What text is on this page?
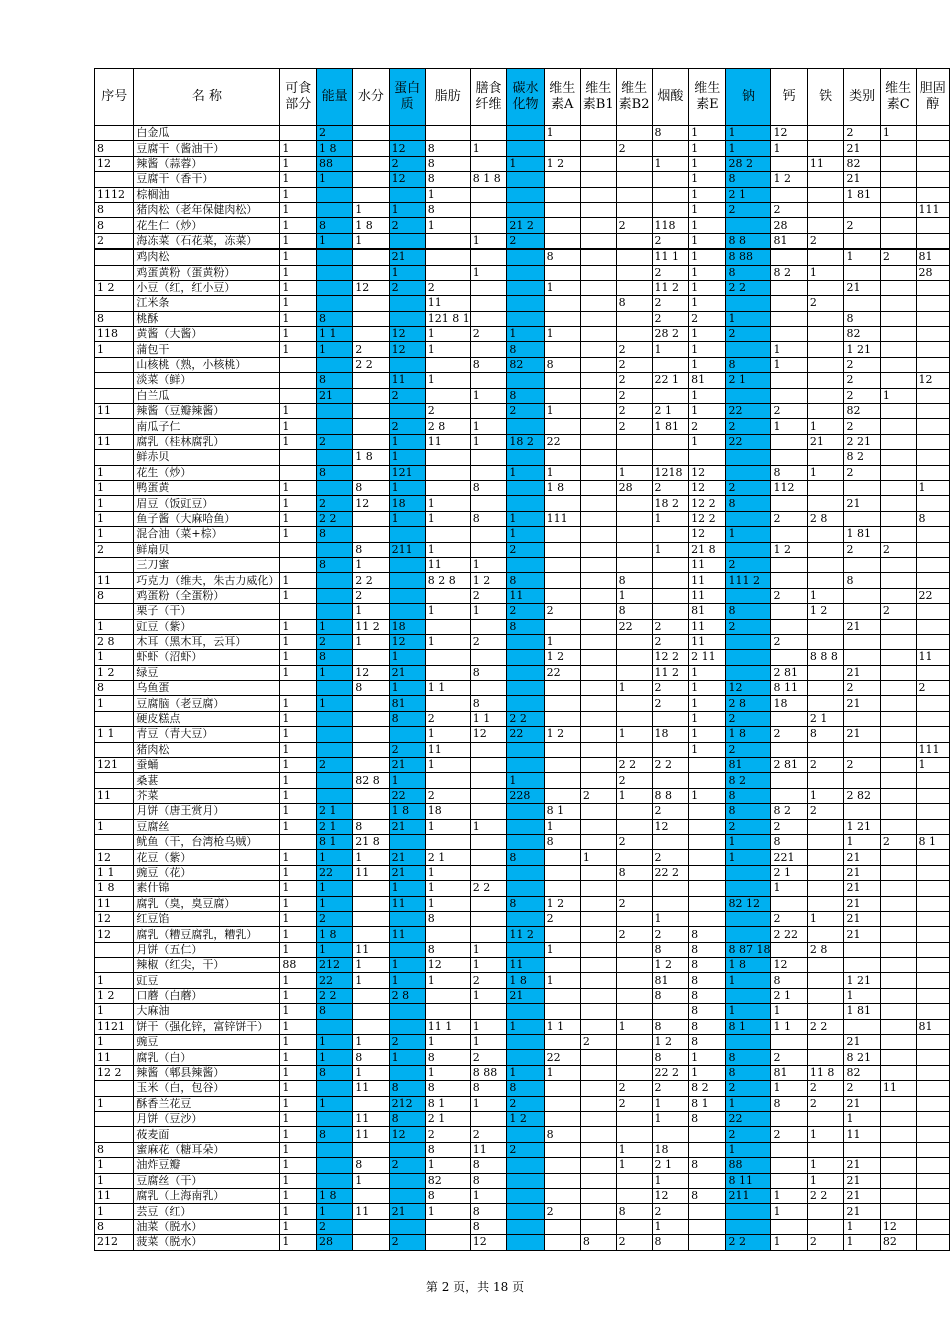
序号	名 称	可食部分	能量	水分	蛋白质	脂肪	膳食纤维	碳水化物	维生素A	维生素B1	维生素B2	烟酸	维生素E	钠	钙	铁	类别	维生素C	胆固醇
	白金瓜		2						1			8	1	1	12		2	1	
8	豆腐干（酱油干）	1	1 8		12	8	1				2		1	1	1		21		
12	辣酱（蒜蓉）	1	88		2	8		1	1 2			1	1	28 2		11	82		
	豆腐干（香干）	1	1		12	8	8 1 8						1	8	1 2		21		
1112	棕榈油	1				1							1	2 1			1 81		
8	猪肉松（老年保健肉松）	1		1	1	8							1	2	2				111
8	花生仁（炒）	1	8	1 8	2	1		21 2			2	118	1		28		2		
2	海冻菜（石花菜，冻菜）	1	1	1			1	2				2	1	8 8	81	2			
	鸡肉松	1			21				8			11 1	1	8 88			1	2	81
	鸡蛋黄粉（蛋黄粉）	1			1		1					2	1	8	8 2	1			28
1 2	小豆（红，红小豆）	1		12	2	2			1			11 2	1	2 2			21		
	江米条	1				11					8	2	1			2			
8	桃酥	1	8			121 8 1						2	2	1			8		
118	黄酱（大酱）	1	1 1		12	1	2	1	1			28 2	1	2			82		
1	蒲包干	1	1	2	12	1		8			2	1	1		1		1 21		
	山核桃（熟，小核桃）			2 2			8	82	8		2		1	8	1		2		
	淡菜（鲜）		8		11	1					2	22 1	81	2 1			2		12
	白兰瓜		21		2		1	8			2		1				2	1	
11	辣酱（豆瓣辣酱）	1				2		2	1		2	2 1	1	22	2		82		
	南瓜子仁	1			2	2 8	1				2	1 81	2	2	1	1	2		
11	腐乳（桂林腐乳）	1	2		1	11	1	18 2	22				1	22		21	2 21		
	鲜赤贝			1 8	1												8 2		
1	花生（炒）		8		121			1	1		1	1218	12		8	1	2		
1	鸭蛋黄	1		8	1		8		1 8		28	2	12	2	112				1
1	眉豆（饭豇豆）	1	2	12	18	1						18 2	12 2	8			21		
1	鱼子酱（大麻哈鱼）	1	2 2		1	1	8	1	111			1	12 2		2	2 8			8
1	混合油（菜+棕）	1	8					1					12	1			1 81		
2	鲜扇贝			8	211	1		2				1	21 8		1 2		2	2	
	三刀蜜		8	1		11	1						11	2					
11	巧克力（维夫，朱古力威化）	1		2 2		8 2 8	1 2	8			8		11	111 2			8		
8	鸡蛋粉（全蛋粉）	1		2			2	11			1		11		2	1			22
	栗子（干）			1		1	1	2	2		8		81	8		1 2		2	
1	豇豆（紫）	1	1	11 2	18			8			22	2	11	2			21		
2 8	木耳（黑木耳，云耳）	1	2	1	12	1	2		1			2	11		2				
1	虾虾（沼虾）	1	8		1				1 2			12 2	2 11			8 8 8			11
1 2	绿豆	1	1	12	21		8		22			11 2	1		2 81		21		
8	乌鱼蛋			8	1	1 1					1	2	1	12	8 11		2		2
1	豆腐脑（老豆腐）	1	1		81		8					2	1	2 8	18		21		
	硬皮糕点	1			8	2	1 1	2 2					1	2		2 1			
1 1	青豆（青大豆）	1				1	12	22	1 2		1	18	1	1 8	2	8	21		
	猪肉松	1			2	11							1	2					111
121	蚕蛹	1	2		21	1					2 2	2 2		81	2 81	2	2		1
	桑葚	1		82 8	1			1			2			8 2					
11	芥菜	1			22	2		228		2	1	8 8	1	8		1	2 82		
	月饼（唐王赏月）	1	2 1		1 8	18			8 1			2		8	8 2	2			
1	豆腐丝	1	2 1	8	21	1	1		1			12		2	2		1 21		
	鱿鱼（干，台湾枪乌贼）		8 1	21 8					8		2			1	8		1	2	8 1
12	花豆（紫）	1	1	1	21	2 1		8		1		2		1	221		21		
1 1	豌豆（花）	1	22	11	21	1					8	22 2			2 1		21		
1 8	素什锦	1	1		1	1	2 2								1		21		
11	腐乳（臭，臭豆腐）	1	1		11	1		8	1 2		2			82 12			21		
12	红豆馅	1	2			8			2			1			2	1	21		
12	腐乳（糟豆腐乳，糟乳）	1	1 8		11			11 2			2	2	8		2 22		21		
	月饼（五仁）	1	1	11		8	1		1			8	8	8 87 18		2 8			
	辣椒（红尖，干）	88	212	1	1	12	1	11				1 2	8	1 8	12				
1	豇豆	1	22	1	1	1	2	1 8	1			81	8	1	8		1 21		
1 2	口蘑（白蘑）	1	2 2		2 8		1	21				8	8		2 1		1		
1	大麻油	1	8										8	1	1		1 81		
1121	饼干（强化锌，富锌饼干）	1				11 1	1	1	1 1		1	8	8	8 1	1 1	2 2			81
1	豌豆	1	1	1	2	1	1			2		1 2	8				21		
11	腐乳（白）	1	1	8	1	8	2		22			8	1	8	2		8 21		
12 2	辣酱（郫县辣酱）	1	8	1		1	8 88	1	1			22 2	1	8	81	11 8	82		
	玉米（白，包谷）	1		11	8	8	8	8			2	2	8 2	2	1	2	2	11	
1	酥香兰花豆	1	1		212	8 1	1	2			2	1	8 1	1	8	2	21		
	月饼（豆沙）	1		11	8	2 1		1 2				1	8	22			1		
	莜麦面	1	8	11	12	2	2		8					2	2	1	11		
8	蜜麻花（糖耳朵）	1				8	11	2			1	18		1					
1	油炸豆瓣	1		8	2	1	8				1	2 1	8	88		1	21		
1	豆腐丝（干）	1		1		82	8					1		8 11		1	21		
11	腐乳（上海南乳）	1	1 8			8	1					12	8	211	1	2 2	21		
1	芸豆（红）	1	1	11	21	1	8		2		8	2			1		21		
8	油菜（脱水）	1	2				8					1					1	12	
212	菠菜（脱水）	1	28		2		12			8	2	8		2 2	1	2	1	82	
第 2 页，共 18 页
